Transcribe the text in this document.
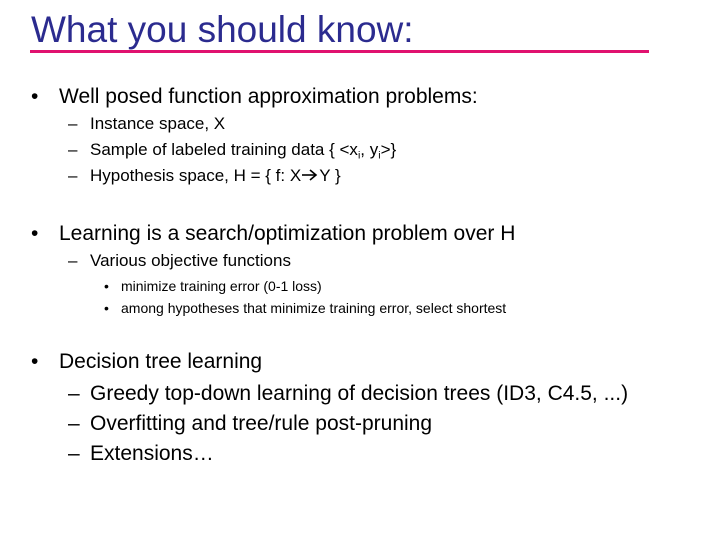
What you should know:
• Well posed function approximation problems:
– Instance space, X
– Sample of labeled training data { $<x_i$, $y_i>$}
– Hypothesis space, H = { f: X Y }
• Learning is a search/optimization problem over H
– Various objective functions
• minimize training error (0-1 loss)
• among hypotheses that minimize training error, select shortest
• Decision tree learning
– Greedy top-down learning of decision trees (ID3, C4.5, ...)
– Overfitting and tree/rule post-pruning
– Extensions…
